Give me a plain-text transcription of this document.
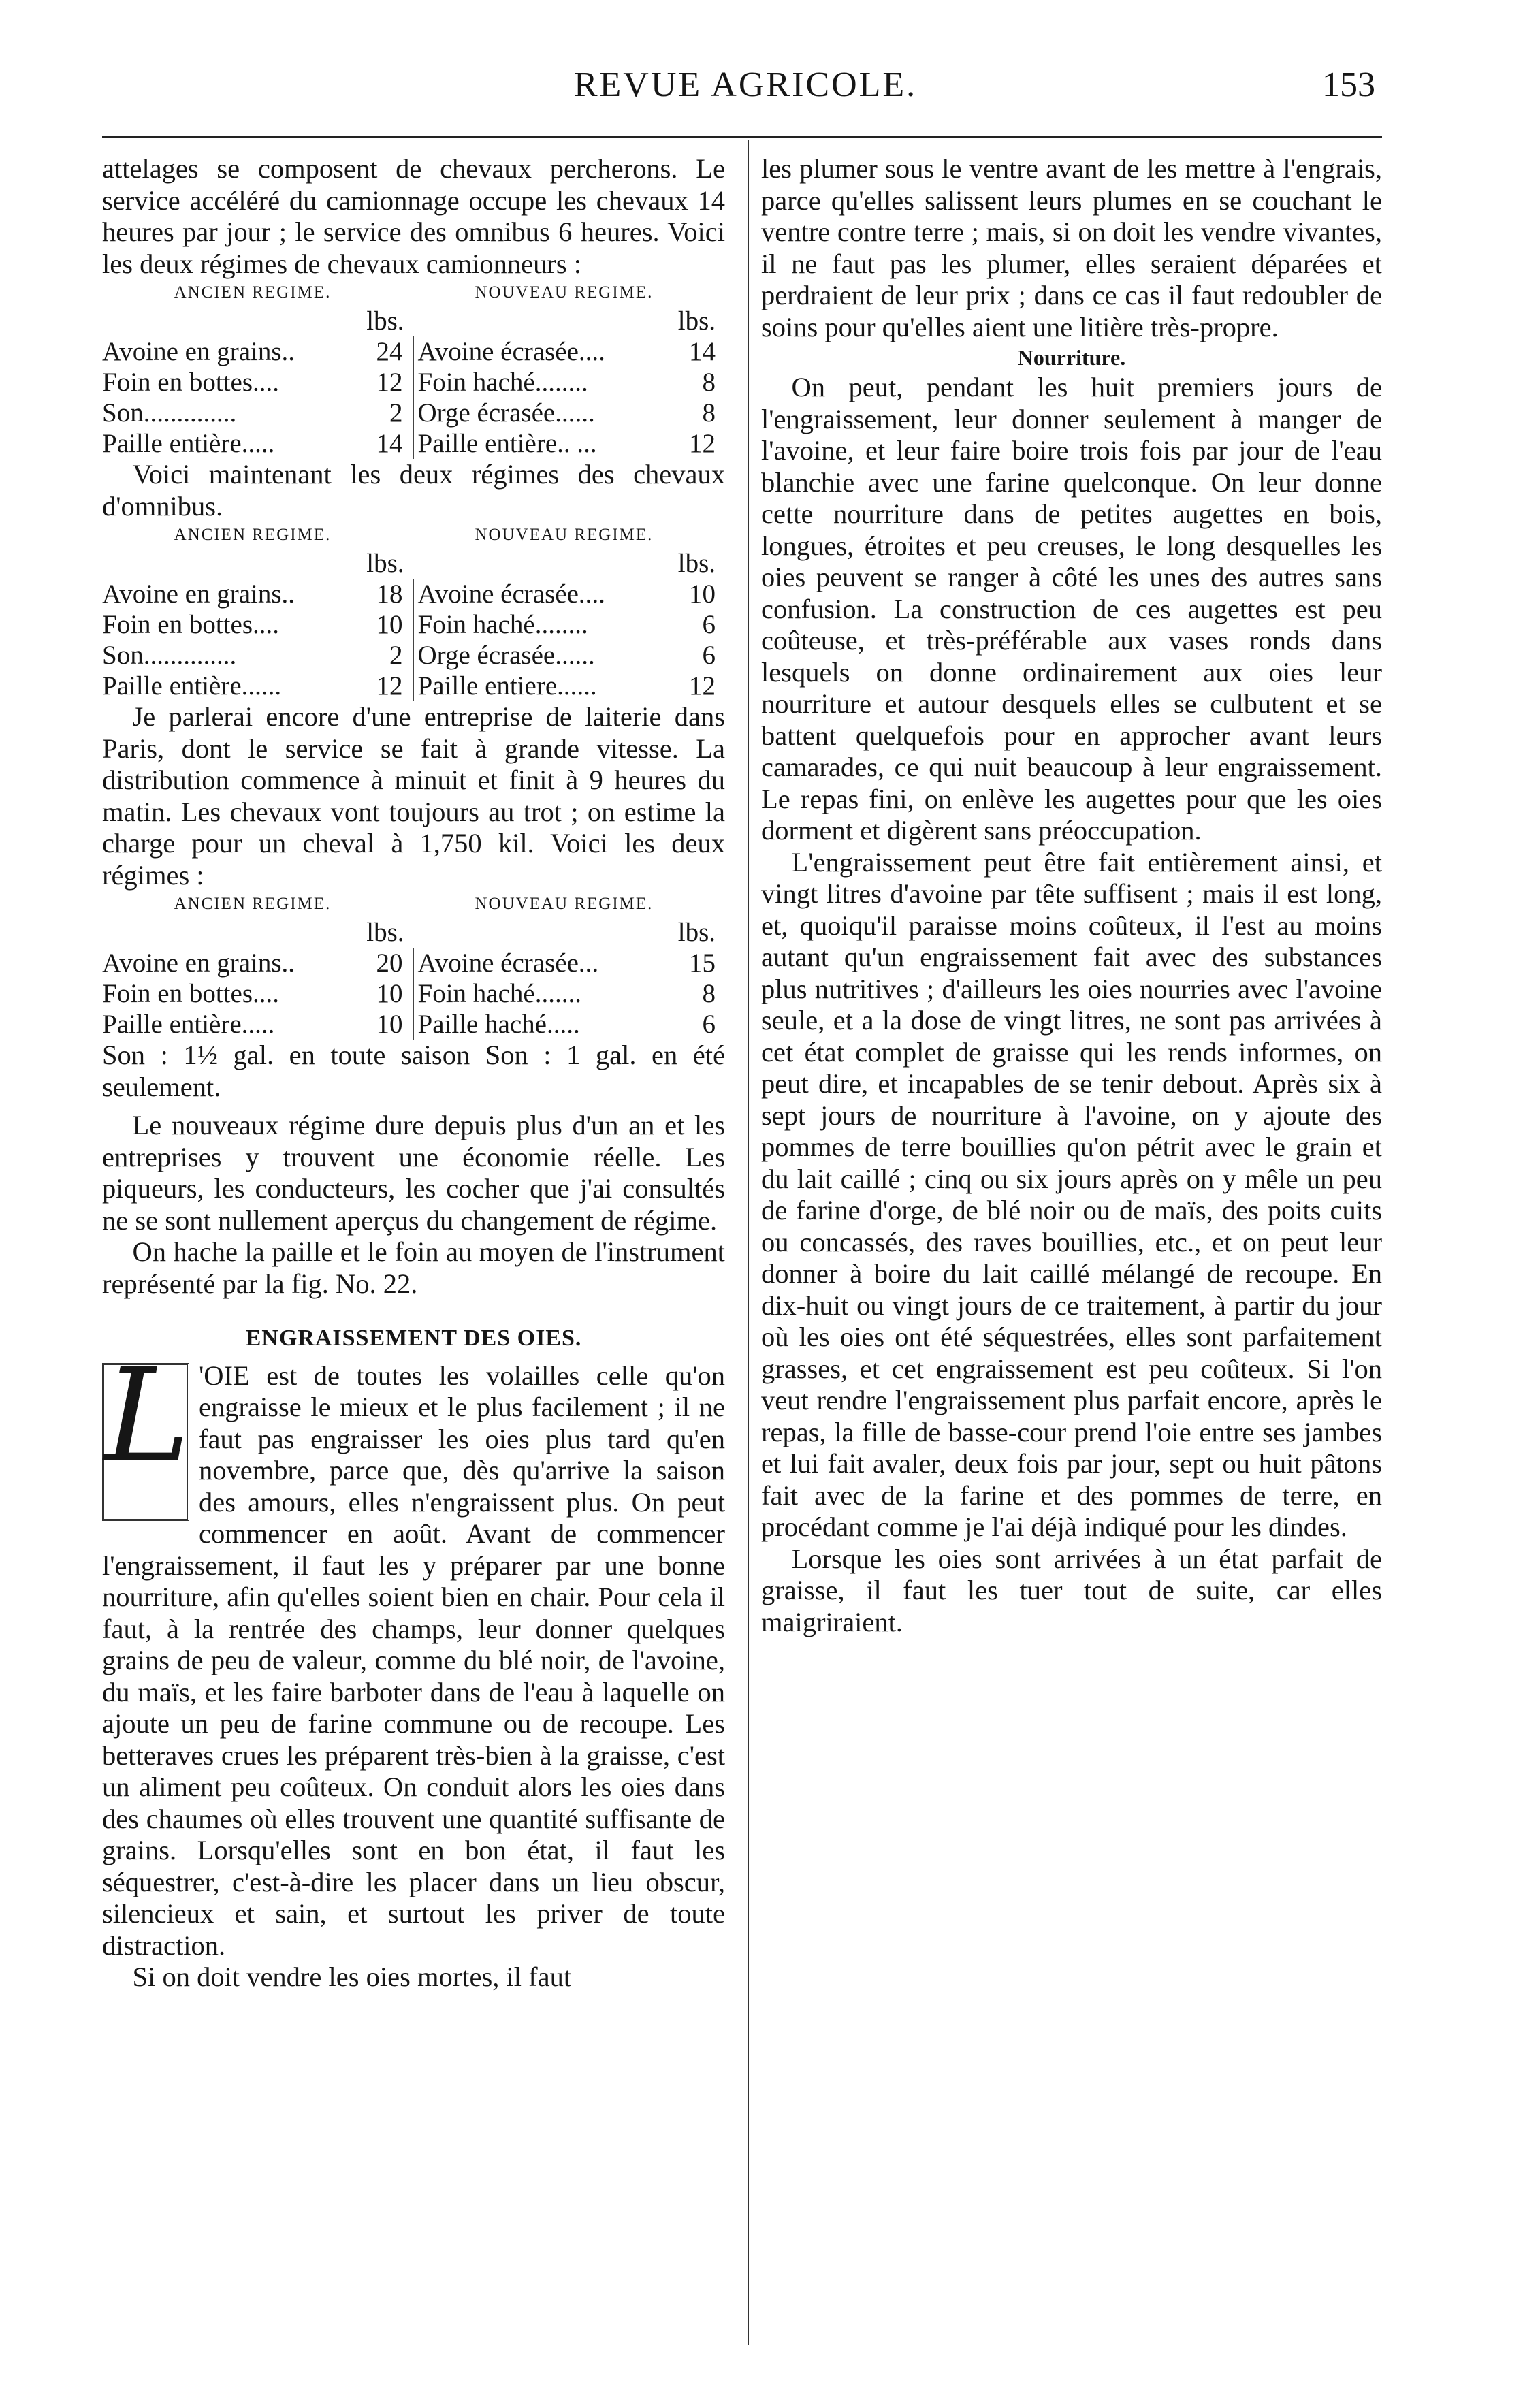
REVUE AGRICOLE.	153

attelages se composent de chevaux percherons. Le service accéléré du camionnage occupe les chevaux 14 heures par jour ; le service des omnibus 6 heures. Voici les deux régimes de chevaux camionneurs :

ANCIEN REGIME.	NOUVEAU REGIME.
lbs.	lbs.
Avoine en grains..	24 Avoine écrasée....	14
Foin en bottes....	12 Foin haché........	8
Son..............	2 Orge écrasée......	8
Paille entière.....	14 Paille entière.. ...	12

Voici maintenant les deux régimes des chevaux d'omnibus.

ANCIEN REGIME.	NOUVEAU REGIME.
lbs.	lbs.
Avoine en grains..	18 Avoine écrasée....	10
Foin en bottes....	10 Foin haché........	6
Son..............	2 Orge écrasée......	6
Paille entière......	12 Paille entiere......	12

Je parlerai encore d'une entreprise de laiterie dans Paris, dont le service se fait à grande vitesse. La distribution commence à minuit et finit à 9 heures du matin. Les chevaux vont toujours au trot ; on estime la charge pour un cheval à 1,750 kil. Voici les deux régimes :

ANCIEN REGIME.	NOUVEAU REGIME.
lbs.	lbs.
Avoine en grains..	20 Avoine écrasée...	15
Foin en bottes....	10 Foin haché.......	8
Paille entière.....	10 Paille haché.....	6

Son : 1½ gal. en toute saison Son : 1 gal. en été seulement.

Le nouveaux régime dure depuis plus d'un an et les entreprises y trouvent une économie réelle. Les piqueurs, les conducteurs, les cocher que j'ai consultés ne se sont nullement aperçus du changement de régime.

On hache la paille et le foin au moyen de l'instrument représenté par la fig. No. 22.

ENGRAISSEMENT DES OIES.
L 'OIE est de toutes les volailles celle qu'on engraisse le mieux et le plus facilement ; il ne faut pas engraisser les oies plus tard qu'en novembre, parce que, dès qu'arrive la saison des amours, elles n'engraissent plus. On peut commencer en août. Avant de commencer l'engraissement, il faut les y préparer par une bonne nourriture, afin qu'elles soient bien en chair. Pour cela il faut, à la rentrée des champs, leur donner quelques grains de peu de valeur, comme du blé noir, de l'avoine, du maïs, et les faire barboter dans de l'eau à laquelle on ajoute un peu de farine commune ou de recoupe. Les betteraves crues les préparent très-bien à la graisse, c'est un aliment peu coûteux. On conduit alors les oies dans des chaumes où elles trouvent une quantité suffisante de grains. Lorsqu'elles sont en bon état, il faut les séquestrer, c'est-à-dire les placer dans un lieu obscur, silencieux et sain, et surtout les priver de toute distraction.

Si on doit vendre les oies mortes, il faut

les plumer sous le ventre avant de les mettre à l'engrais, parce qu'elles salissent leurs plumes en se couchant le ventre contre terre ; mais, si on doit les vendre vivantes, il ne faut pas les plumer, elles seraient déparées et perdraient de leur prix ; dans ce cas il faut redoubler de soins pour qu'elles aient une litière très-propre.

Nourriture.

On peut, pendant les huit premiers jours de l'engraissement, leur donner seulement à manger de l'avoine, et leur faire boire trois fois par jour de l'eau blanchie avec une farine quelconque. On leur donne cette nourriture dans de petites augettes en bois, longues, étroites et peu creuses, le long desquelles les oies peuvent se ranger à côté les unes des autres sans confusion. La construction de ces augettes est peu coûteuse, et très-préférable aux vases ronds dans lesquels on donne ordinairement aux oies leur nourriture et autour desquels elles se culbutent et se battent quelquefois pour en approcher avant leurs camarades, ce qui nuit beaucoup à leur engraissement. Le repas fini, on enlève les augettes pour que les oies dorment et digèrent sans préoccupation.

L'engraissement peut être fait entièrement ainsi, et vingt litres d'avoine par tête suffisent ; mais il est long, et, quoiqu'il paraisse moins coûteux, il l'est au moins autant qu'un engraissement fait avec des substances plus nutritives ; d'ailleurs les oies nourries avec l'avoine seule, et a la dose de vingt litres, ne sont pas arrivées à cet état complet de graisse qui les rends informes, on peut dire, et incapables de se tenir debout. Après six à sept jours de nourriture à l'avoine, on y ajoute des pommes de terre bouillies qu'on pétrit avec le grain et du lait caillé ; cinq ou six jours après on y mêle un peu de farine d'orge, de blé noir ou de maïs, des poits cuits ou concassés, des raves bouillies, etc., et on peut leur donner à boire du lait caillé mélangé de recoupe. En dix-huit ou vingt jours de ce traitement, à partir du jour où les oies ont été séquestrées, elles sont parfaitement grasses, et cet engraissement est peu coûteux. Si l'on veut rendre l'engraissement plus parfait encore, après le repas, la fille de basse-cour prend l'oie entre ses jambes et lui fait avaler, deux fois par jour, sept ou huit pâtons fait avec de la farine et des pommes de terre, en procédant comme je l'ai déjà indiqué pour les dindes.

Lorsque les oies sont arrivées à un état parfait de graisse, il faut les tuer tout de suite, car elles maigriraient.
